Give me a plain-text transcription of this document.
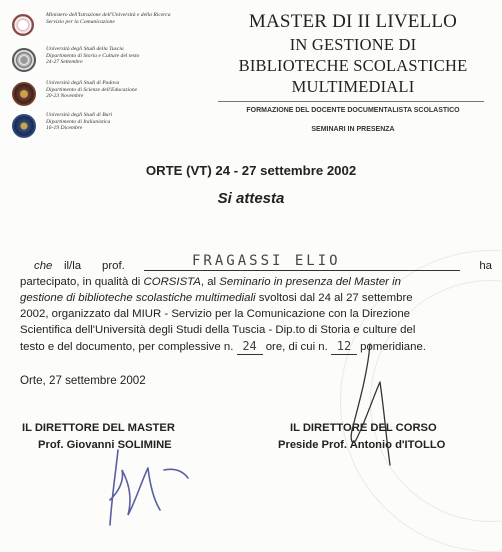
Ministero dell'Istruzione dell'Università e della Ricerca
Servizio per la Comunicazione
Università degli Studi della Tuscia
Dipartimento di Storia e Culture del testo
24-27 Settembre
Università degli Studi di Padova
Dipartimento di Scienze dell'Educazione
20-23 Novembre
Università degli Studi di Bari
Dipartimento di Italianistica
16-19 Dicembre
MASTER DI II LIVELLO
IN GESTIONE DI
BIBLIOTECHE SCOLASTICHE
MULTIMEDIALI
FORMAZIONE DEL DOCENTE DOCUMENTALISTA SCOLASTICO
SEMINARI IN PRESENZA
ORTE (VT) 24 - 27 settembre 2002
Si attesta
che il/la prof.	FRAGASSI ELIO	ha
partecipato, in qualità di CORSISTA, al Seminario in presenza del Master in
gestione di biblioteche scolastiche multimediali svoltosi dal 24 al 27 settembre
2002, organizzato dal MIUR - Servizio per la Comunicazione con la Direzione
Scientifica dell'Università degli Studi della Tuscia - Dip.to di Storia e culture del
testo e del documento, per complessive n. 24 ore, di cui n. 12 pomeridiane.
Orte, 27 settembre 2002
IL DIRETTORE DEL MASTER
Prof. Giovanni SOLIMINE
IL DIRETTORE DEL CORSO
Preside Prof. Antonio d'ITOLLO
